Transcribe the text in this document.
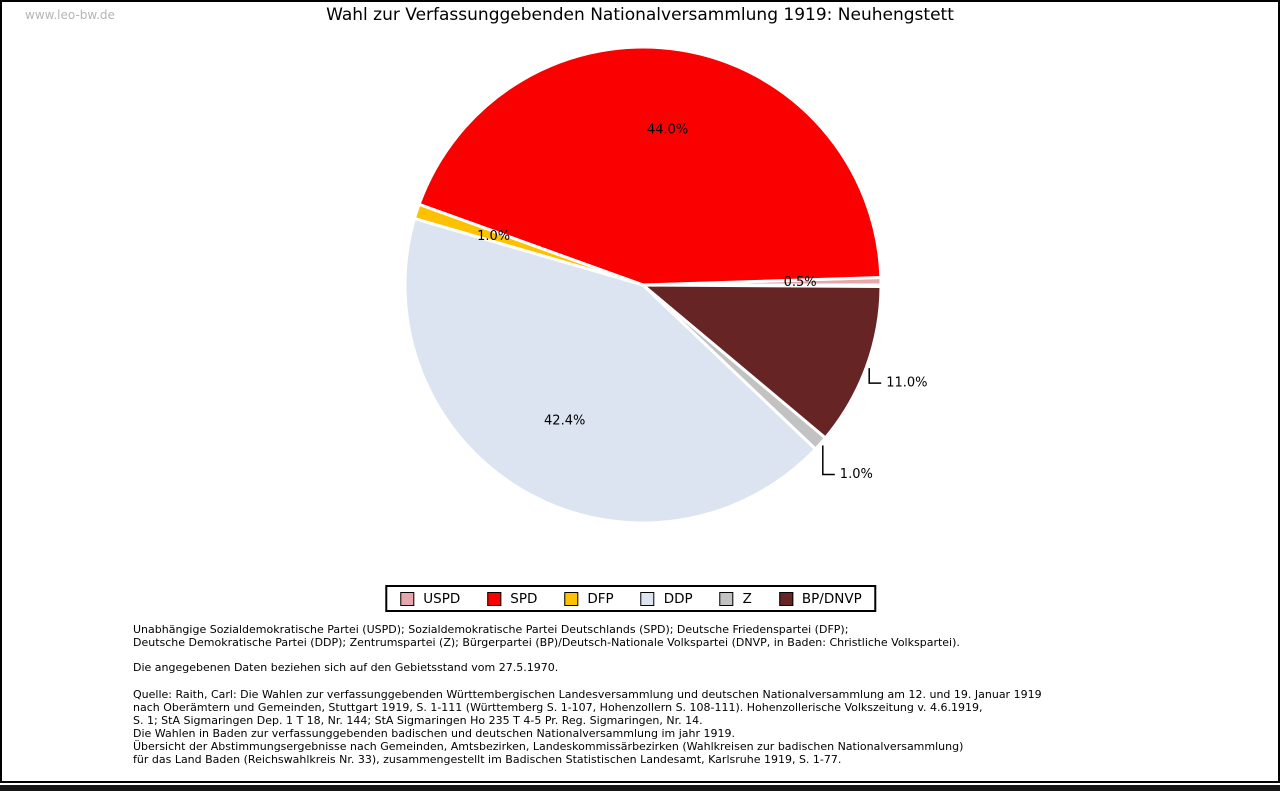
www.leo-bw.de	Wahl zur Verfassunggebenden Nationalversammlung 1919: Neuhengstett
0.5%
44.0%
1.0%
42.4%
1.0%
11.0%
USPD	SPD	DFP	DDP	Z	BP/DNVP
Unabhängige Sozialdemokratische Partei (USPD); Sozialdemokratische Partei Deutschlands (SPD); Deutsche Friedenspartei (DFP);
Deutsche Demokratische Partei (DDP); Zentrumspartei (Z); Bürgerpartei (BP)/Deutsch-Nationale Volkspartei (DNVP, in Baden: Christliche Volkspartei).
Die angegebenen Daten beziehen sich auf den Gebietsstand vom 27.5.1970.
Quelle: Raith, Carl: Die Wahlen zur verfassunggebenden Württembergischen Landesversammlung und deutschen Nationalversammlung am 12. und 19. Januar 1919
nach Oberämtern und Gemeinden, Stuttgart 1919, S. 1-111 (Württemberg S. 1-107, Hohenzollern S. 108-111). Hohenzollerische Volkszeitung v. 4.6.1919,
S. 1; StA Sigmaringen Dep. 1 T 18, Nr. 144; StA Sigmaringen Ho 235 T 4-5 Pr. Reg. Sigmaringen, Nr. 14.
Die Wahlen in Baden zur verfassunggebenden badischen und deutschen Nationalversammlung im jahr 1919.
Übersicht der Abstimmungsergebnisse nach Gemeinden, Amtsbezirken, Landeskommissärbezirken (Wahlkreisen zur badischen Nationalversammlung)
für das Land Baden (Reichswahlkreis Nr. 33), zusammengestellt im Badischen Statistischen Landesamt, Karlsruhe 1919, S. 1-77.
